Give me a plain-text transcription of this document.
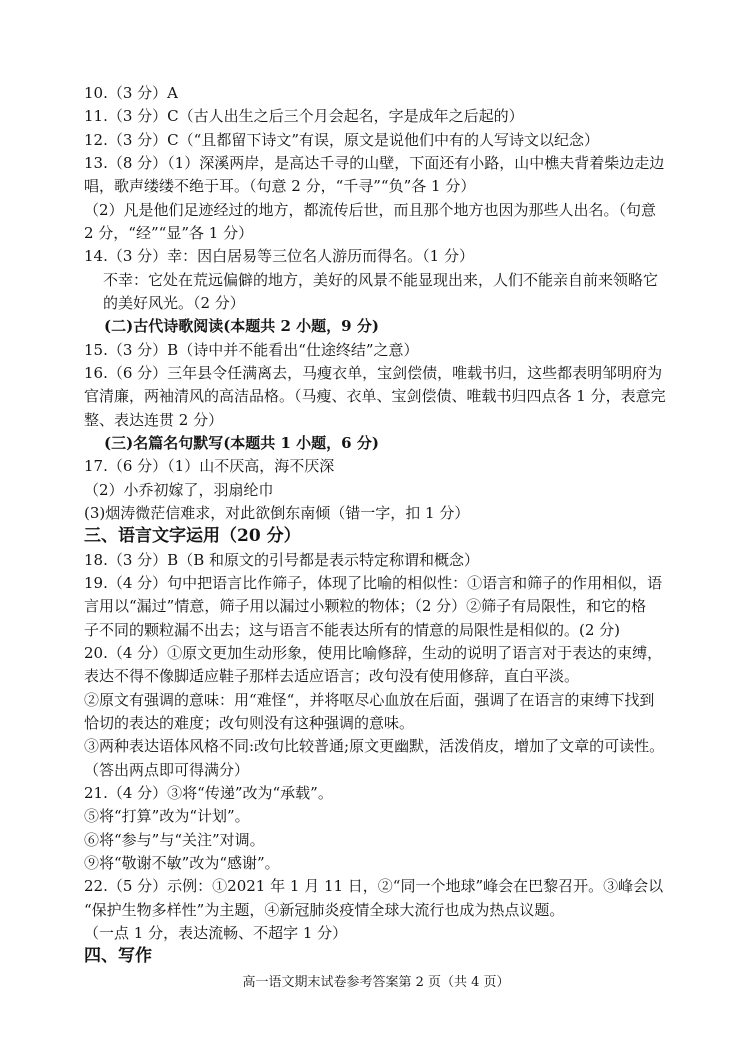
10.（3 分）A
11.（3 分）C（古人出生之后三个月会起名，字是成年之后起的）
12.（3 分）C（“且都留下诗文”有误，原文是说他们中有的人写诗文以纪念）
13.（8 分）（1）深溪两岸，是高达千寻的山壁，下面还有小路，山中樵夫背着柴边走边
唱，歌声缕缕不绝于耳。（句意 2 分，“千寻”“负”各 1 分）
（2）凡是他们足迹经过的地方，都流传后世，而且那个地方也因为那些人出名。（句意
2 分，“经”“显”各 1 分）
14.（3 分）幸：因白居易等三位名人游历而得名。（1 分）
不幸：它处在荒远偏僻的地方，美好的风景不能显现出来，人们不能亲自前来领略它
的美好风光。（2 分）
(二)古代诗歌阅读(本题共 2 小题，9 分)
15.（3 分）B（诗中并不能看出“仕途终结”之意）
16.（6 分）三年县令任满离去，马瘦衣单，宝剑偿债，唯载书归，这些都表明邹明府为
官清廉，两袖清风的高洁品格。（马瘦、衣单、宝剑偿债、唯载书归四点各 1 分，表意完
整、表达连贯 2 分）
(三)名篇名句默写(本题共 1 小题，6 分)
17.（6 分）（1）山不厌高，海不厌深
（2）小乔初嫁了，羽扇纶巾
(3)烟涛微茫信难求，对此欲倒东南倾（错一字，扣 1 分）
三、语言文字运用（20 分）
18.（3 分）B（B 和原文的引号都是表示特定称谓和概念）
19.（4 分）句中把语言比作筛子，体现了比喻的相似性：①语言和筛子的作用相似，语
言用以“漏过”情意，筛子用以漏过小颗粒的物体；（2 分）②筛子有局限性，和它的格
子不同的颗粒漏不出去；这与语言不能表达所有的情意的局限性是相似的。(2 分)
20.（4 分）①原文更加生动形象，使用比喻修辞，生动的说明了语言对于表达的束缚，
表达不得不像脚适应鞋子那样去适应语言；改句没有使用修辞，直白平淡。
②原文有强调的意味：用“难怪“，并将呕尽心血放在后面，强调了在语言的束缚下找到
恰切的表达的难度；改句则没有这种强调的意味。
③两种表达语体风格不同:改句比较普通;原文更幽默，活泼俏皮，增加了文章的可读性。
（答出两点即可得满分）
21.（4 分）③将“传递”改为“承载”。
⑤将“打算”改为“计划”。
⑥将“参与”与“关注”对调。
⑨将“敬谢不敏”改为“感谢”。
22.（5 分）示例：①2021 年 1 月 11 日，②“同一个地球”峰会在巴黎召开。③峰会以
“保护生物多样性”为主题，④新冠肺炎疫情全球大流行也成为热点议题。
（一点 1 分，表达流畅、不超字 1 分）
四、写作
高一语文期末试卷参考答案第 2 页（共 4 页）
